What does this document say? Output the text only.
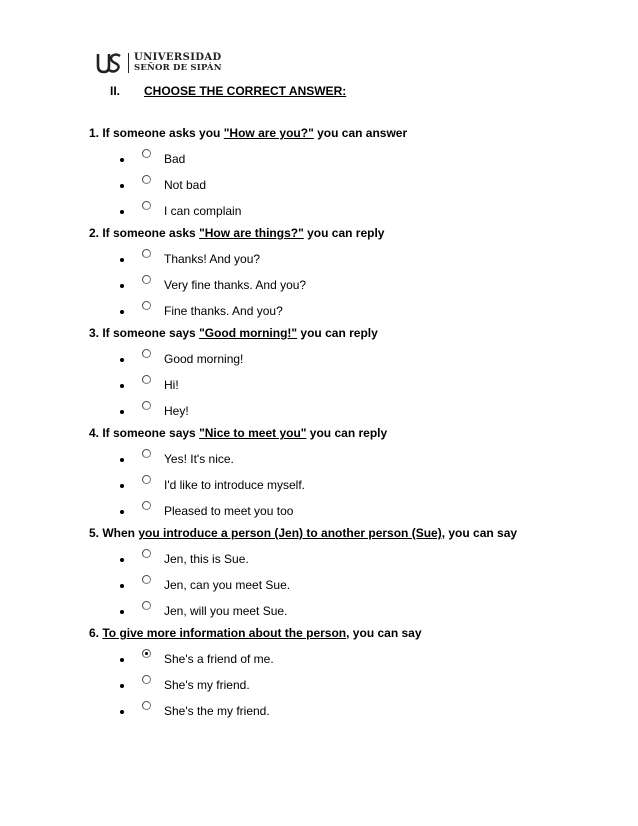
UNIVERSIDAD
SEÑOR DE SIPÁN
II. CHOOSE THE CORRECT ANSWER:
1. If someone asks you "How are you?" you can answer
Bad
Not bad
I can complain
2. If someone asks "How are things?" you can reply
Thanks! And you?
Very fine thanks. And you?
Fine thanks. And you?
3. If someone says "Good morning!" you can reply
Good morning!
Hi!
Hey!
4. If someone says "Nice to meet you" you can reply
Yes! It's nice.
I'd like to introduce myself.
Pleased to meet you too
5. When you introduce a person (Jen) to another person (Sue), you can say
Jen, this is Sue.
Jen, can you meet Sue.
Jen, will you meet Sue.
6. To give more information about the person, you can say
She's a friend of me.
She's my friend.
She's the my friend.
